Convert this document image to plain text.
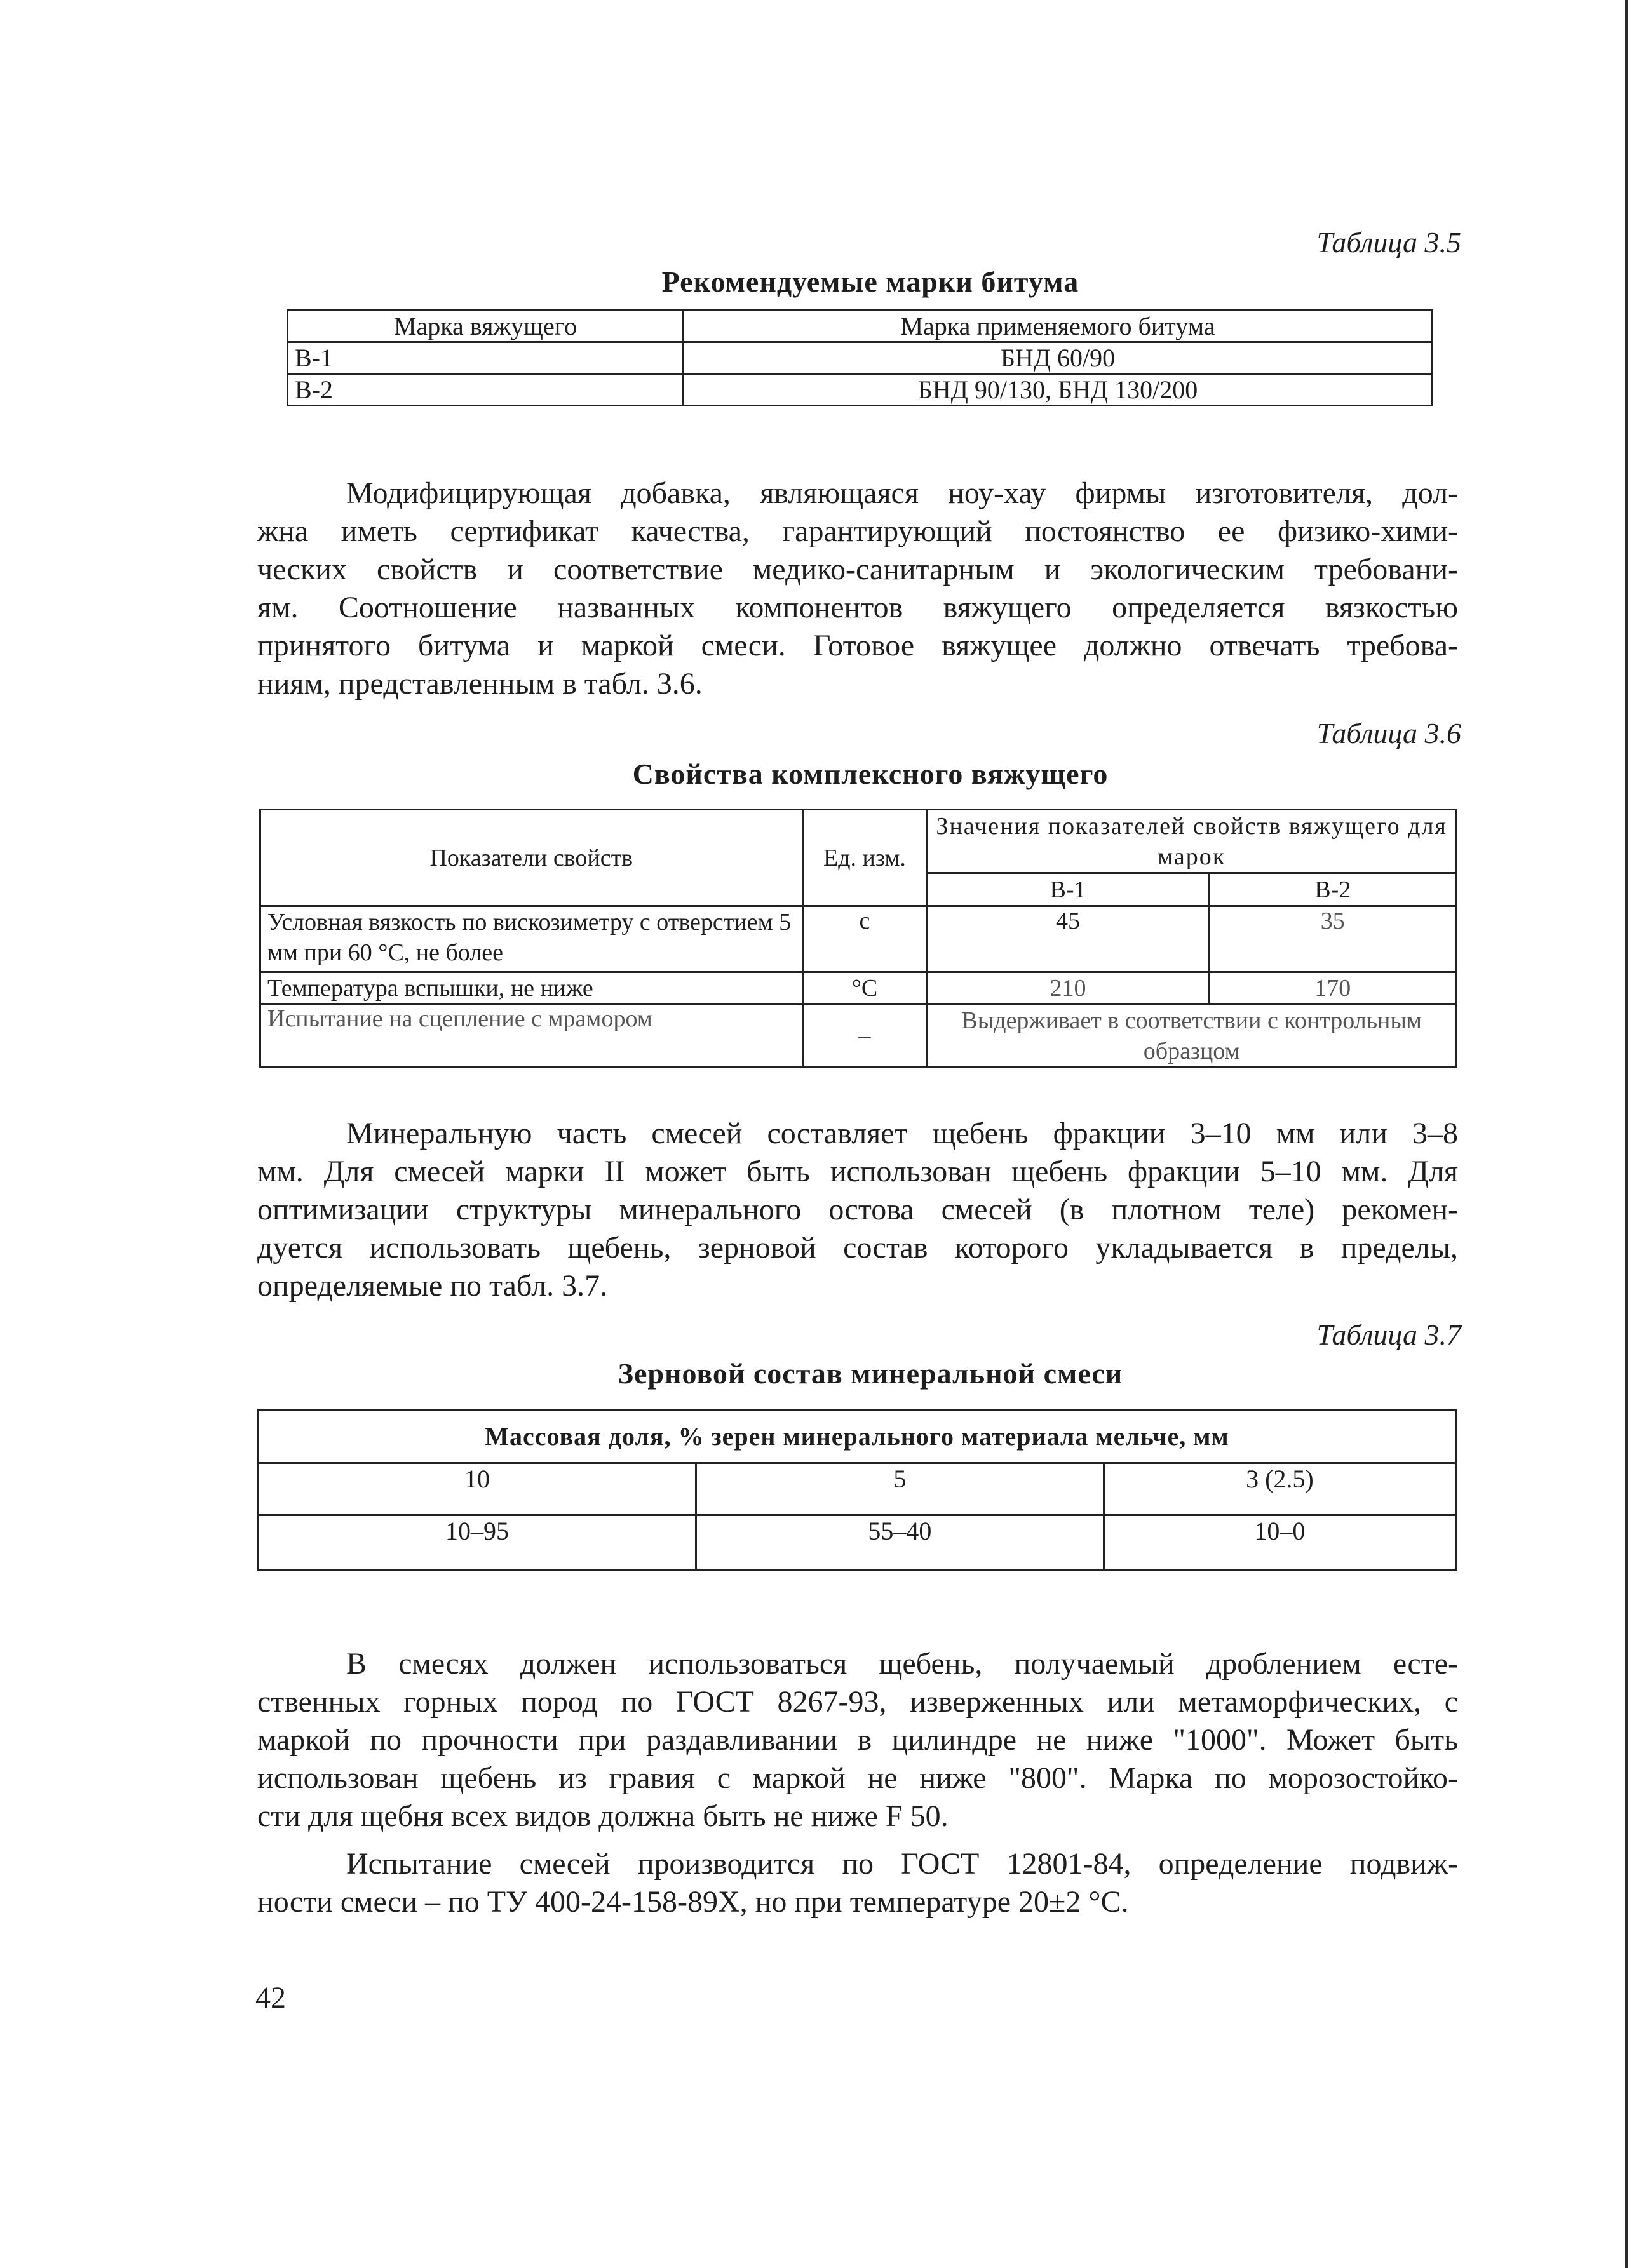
Таблица 3.5
Рекомендуемые марки битума
Марка вяжущего	Марка применяемого битума
В-1	БНД 60/90
В-2	БНД 90/130, БНД 130/200
Модифицирующая добавка, являющаяся ноу-хау фирмы изготовителя, дол-
жна иметь сертификат качества, гарантирующий постоянство ее физико-хими-
ческих свойств и соответствие медико-санитарным и экологическим требовани-
ям. Соотношение названных компонентов вяжущего определяется вязкостью
принятого битума и маркой смеси. Готовое вяжущее должно отвечать требова-
ниям, представленным в табл. 3.6.
Таблица 3.6
Свойства комплексного вяжущего
Показатели свойств	Ед. изм.	Значения показателей свойств вяжущего для марок	
		В-1	В-2
Условная вязкость по вискозиметру с отверстием 5 мм при 60 °С, не более	с	45	35
Температура вспышки, не ниже	°С	210	170
Испытание на сцепление с мрамором	–	Выдерживает в соответствии с контрольным образцом	
Минеральную часть смесей составляет щебень фракции 3–10 мм или 3–8
мм. Для смесей марки II может быть использован щебень фракции 5–10 мм. Для
оптимизации структуры минерального остова смесей (в плотном теле) рекомен-
дуется использовать щебень, зерновой состав которого укладывается в пределы,
определяемые по табл. 3.7.
Таблица 3.7
Зерновой состав минеральной смеси
Массовая доля, % зерен минерального материала мельче, мм		
10	5	3 (2.5)
10–95	55–40	10–0
В смесях должен использоваться щебень, получаемый дроблением есте-
ственных горных пород по ГОСТ 8267-93, изверженных или метаморфических, с
маркой по прочности при раздавливании в цилиндре не ниже "1000". Может быть
использован щебень из гравия с маркой не ниже "800". Марка по морозостойко-
сти для щебня всех видов должна быть не ниже F 50.
Испытание смесей производится по ГОСТ 12801-84, определение подвиж-
ности смеси – по ТУ 400-24-158-89Х, но при температуре 20±2 °С.
42
